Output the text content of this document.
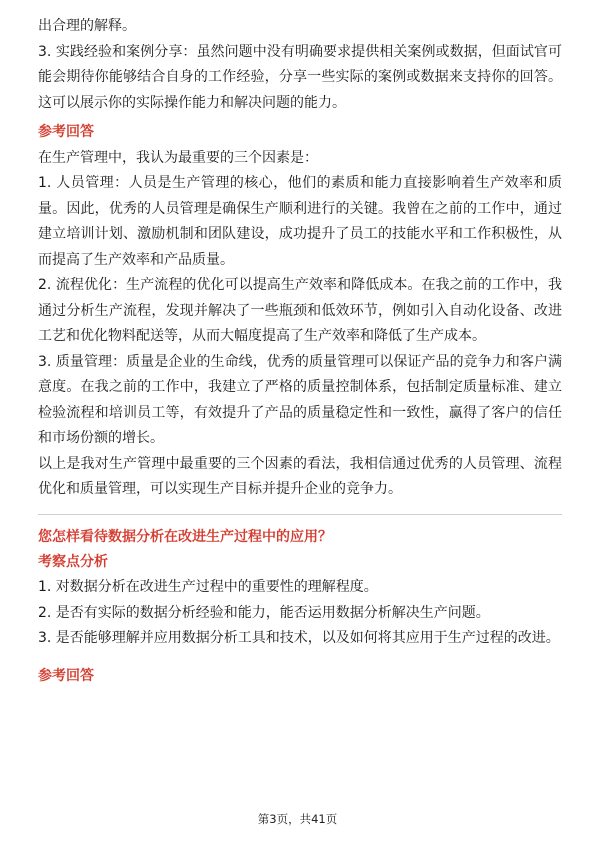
出合理的解释。

3. 实践经验和案例分享：虽然问题中没有明确要求提供相关案例或数据，但面试官可能会期待你能够结合自身的工作经验，分享一些实际的案例或数据来支持你的回答。这可以展示你的实际操作能力和解决问题的能力。

参考回答

在生产管理中，我认为最重要的三个因素是：

1. 人员管理：人员是生产管理的核心，他们的素质和能力直接影响着生产效率和质量。因此，优秀的人员管理是确保生产顺利进行的关键。我曾在之前的工作中，通过建立培训计划、激励机制和团队建设，成功提升了员工的技能水平和工作积极性，从而提高了生产效率和产品质量。

2. 流程优化：生产流程的优化可以提高生产效率和降低成本。在我之前的工作中，我通过分析生产流程，发现并解决了一些瓶颈和低效环节，例如引入自动化设备、改进工艺和优化物料配送等，从而大幅度提高了生产效率和降低了生产成本。

3. 质量管理：质量是企业的生命线，优秀的质量管理可以保证产品的竞争力和客户满意度。在我之前的工作中，我建立了严格的质量控制体系，包括制定质量标准、建立检验流程和培训员工等，有效提升了产品的质量稳定性和一致性，赢得了客户的信任和市场份额的增长。

以上是我对生产管理中最重要的三个因素的看法，我相信通过优秀的人员管理、流程优化和质量管理，可以实现生产目标并提升企业的竞争力。

您怎样看待数据分析在改进生产过程中的应用？
考察点分析

1. 对数据分析在改进生产过程中的重要性的理解程度。

2. 是否有实际的数据分析经验和能力，能否运用数据分析解决生产问题。

3. 是否能够理解并应用数据分析工具和技术，以及如何将其应用于生产过程的改进。

参考回答
第3页，共41页
